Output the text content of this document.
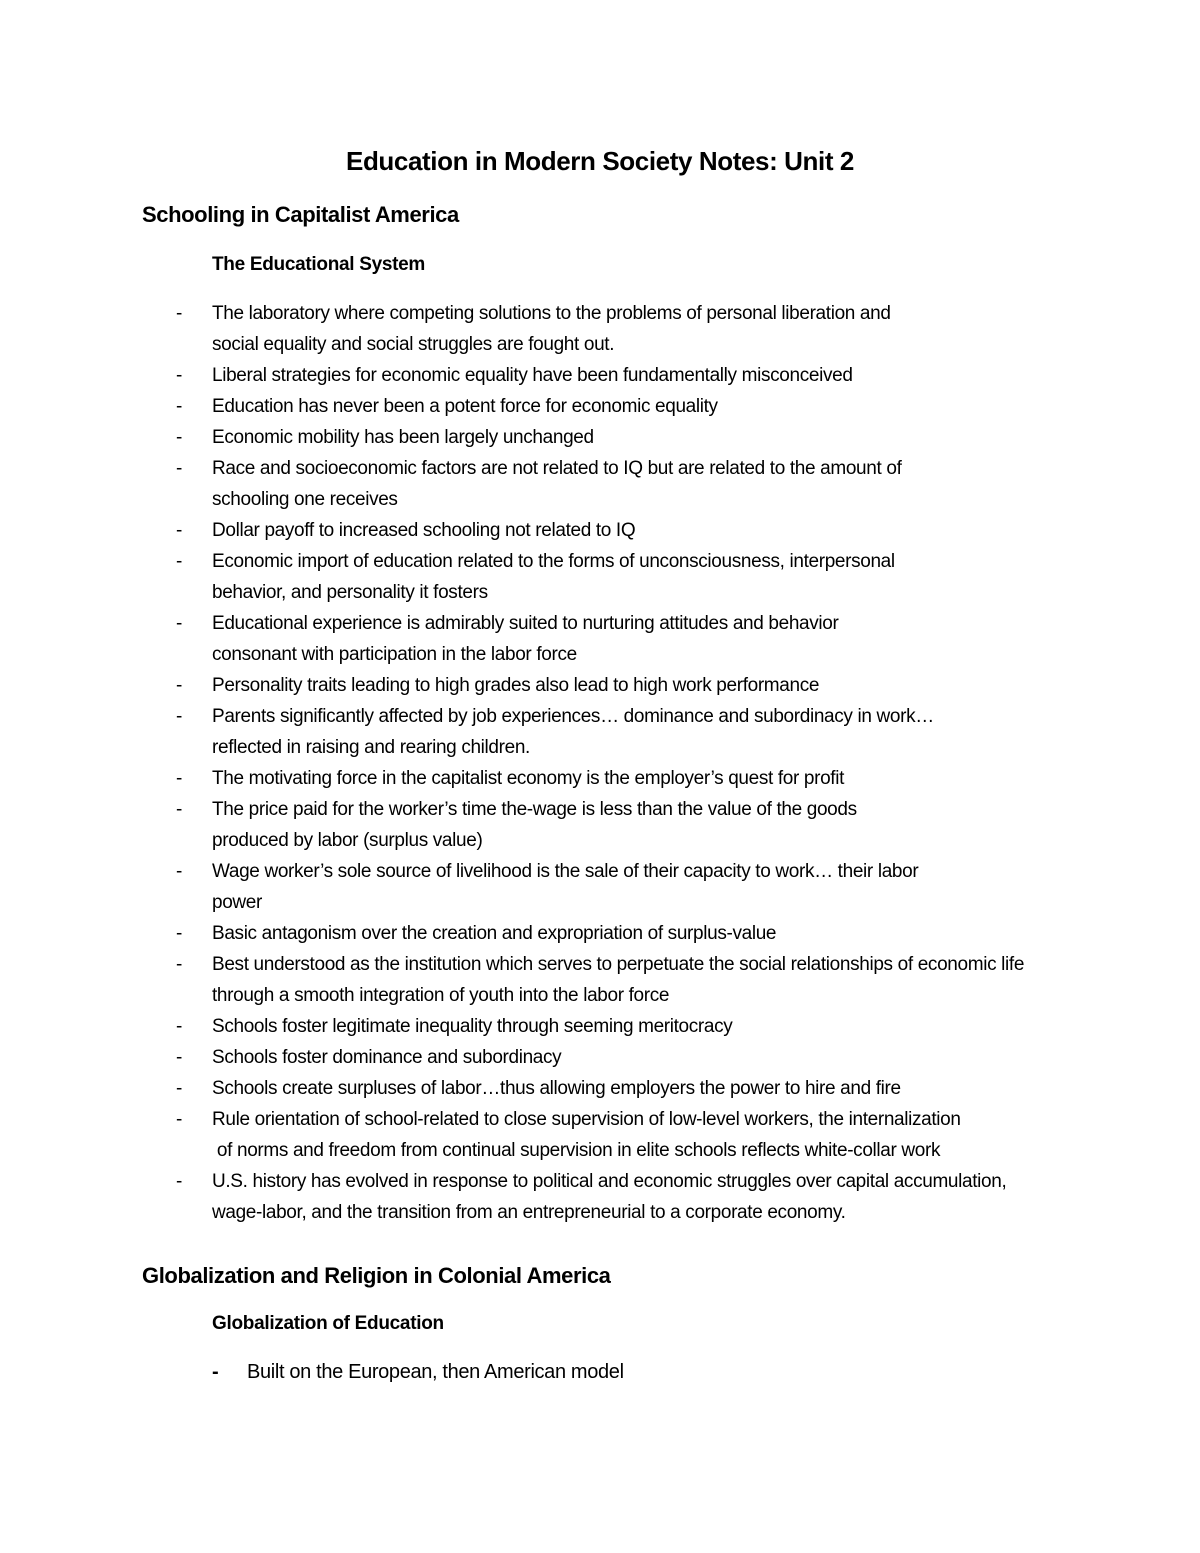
Education in Modern Society Notes: Unit 2
Schooling in Capitalist America
The Educational System
- The laboratory where competing solutions to the problems of personal liberation and
social equality and social struggles are fought out.
- Liberal strategies for economic equality have been fundamentally misconceived
- Education has never been a potent force for economic equality
- Economic mobility has been largely unchanged
- Race and socioeconomic factors are not related to IQ but are related to the amount of
schooling one receives
- Dollar payoff to increased schooling not related to IQ
- Economic import of education related to the forms of unconsciousness, interpersonal
behavior, and personality it fosters
- Educational experience is admirably suited to nurturing attitudes and behavior
consonant with participation in the labor force
- Personality traits leading to high grades also lead to high work performance
- Parents significantly affected by job experiences… dominance and subordinacy in work…
reflected in raising and rearing children.
- The motivating force in the capitalist economy is the employer’s quest for profit
- The price paid for the worker’s time the-wage is less than the value of the goods
produced by labor (surplus value)
- Wage worker’s sole source of livelihood is the sale of their capacity to work… their labor
power
- Basic antagonism over the creation and expropriation of surplus-value
- Best understood as the institution which serves to perpetuate the social relationships of economic life
through a smooth integration of youth into the labor force
- Schools foster legitimate inequality through seeming meritocracy
- Schools foster dominance and subordinacy
- Schools create surpluses of labor…thus allowing employers the power to hire and fire
- Rule orientation of school-related to close supervision of low-level workers, the internalization
of norms and freedom from continual supervision in elite schools reflects white-collar work
- U.S. history has evolved in response to political and economic struggles over capital accumulation,
wage-labor, and the transition from an entrepreneurial to a corporate economy.
Globalization and Religion in Colonial America
Globalization of Education
- Built on the European, then American model
